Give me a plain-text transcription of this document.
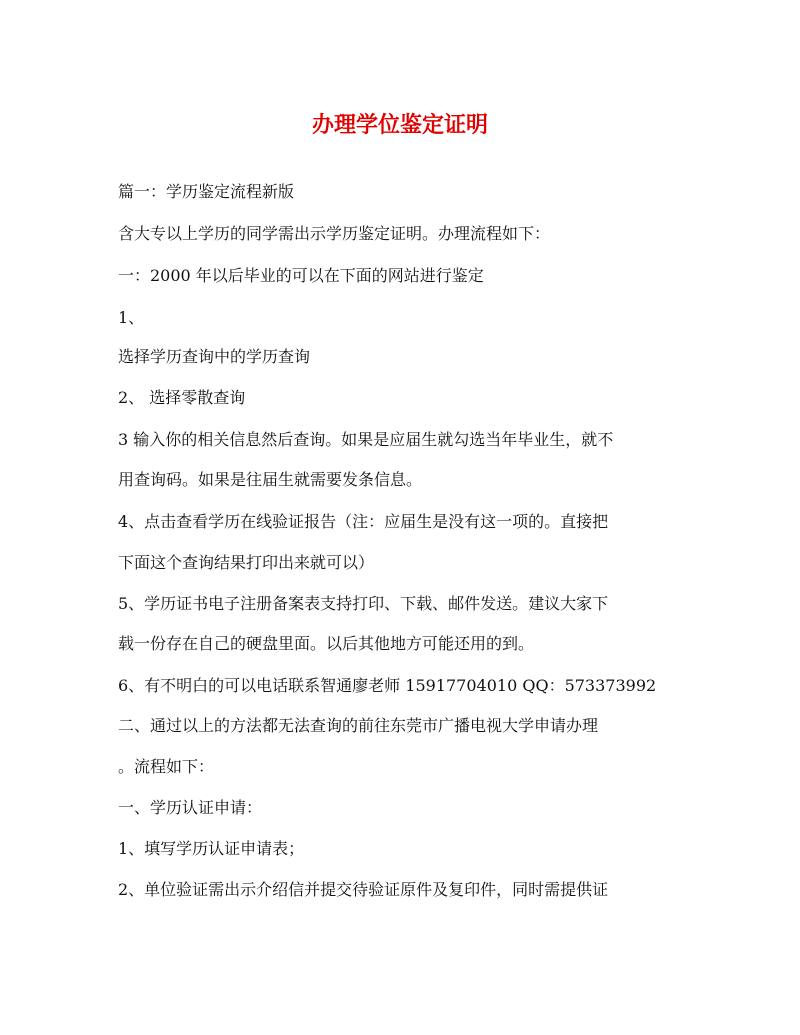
办理学位鉴定证明
篇一：学历鉴定流程新版
含大专以上学历的同学需出示学历鉴定证明。办理流程如下：
一：2000 年以后毕业的可以在下面的网站进行鉴定
1、
选择学历查询中的学历查询
2、 选择零散查询
3 输入你的相关信息然后查询。如果是应届生就勾选当年毕业生，就不
用查询码。如果是往届生就需要发条信息。
4、点击查看学历在线验证报告（注：应届生是没有这一项的。直接把
下面这个查询结果打印出来就可以）
5、学历证书电子注册备案表支持打印、下载、邮件发送。建议大家下
载一份存在自己的硬盘里面。以后其他地方可能还用的到。
6、有不明白的可以电话联系智通廖老师 15917704010 QQ：573373992
二、通过以上的方法都无法查询的前往东莞市广播电视大学申请办理
。流程如下：
一、学历认证申请：
1、填写学历认证申请表；
2、单位验证需出示介绍信并提交待验证原件及复印件，同时需提供证
